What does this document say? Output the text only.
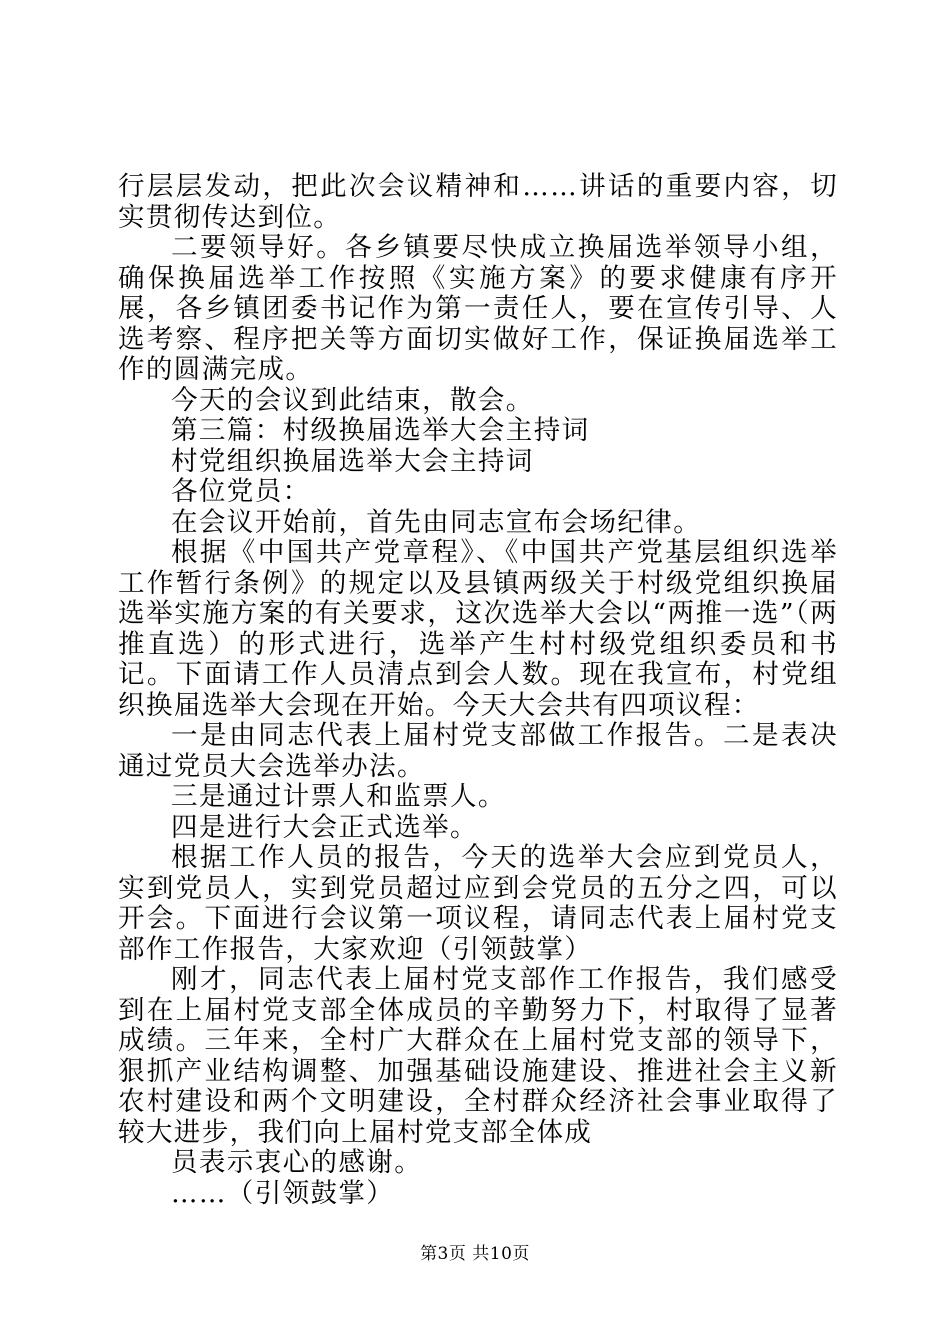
行层层发动，把此次会议精神和……讲话的重要内容，切实贯彻传达到位。

二要领导好。各乡镇要尽快成立换届选举领导小组，确保换届选举工作按照《实施方案》的要求健康有序开展，各乡镇团委书记作为第一责任人，要在宣传引导、人选考察、程序把关等方面切实做好工作，保证换届选举工作的圆满完成。

今天的会议到此结束，散会。

第三篇：村级换届选举大会主持词

村党组织换届选举大会主持词

各位党员：

在会议开始前，首先由同志宣布会场纪律。

根据《中国共产党章程》、《中国共产党基层组织选举工作暂行条例》的规定以及县镇两级关于村级党组织换届选举实施方案的有关要求，这次选举大会以“两推一选”（两推直选）的形式进行，选举产生村村级党组织委员和书记。下面请工作人员清点到会人数。现在我宣布，村党组织换届选举大会现在开始。今天大会共有四项议程：

一是由同志代表上届村党支部做工作报告。二是表决通过党员大会选举办法。

三是通过计票人和监票人。

四是进行大会正式选举。

根据工作人员的报告，今天的选举大会应到党员人，实到党员人，实到党员超过应到会党员的五分之四，可以开会。下面进行会议第一项议程，请同志代表上届村党支部作工作报告，大家欢迎（引领鼓掌）

刚才，同志代表上届村党支部作工作报告，我们感受到在上届村党支部全体成员的辛勤努力下，村取得了显著成绩。三年来，全村广大群众在上届村党支部的领导下，狠抓产业结构调整、加强基础设施建设、推进社会主义新农村建设和两个文明建设，全村群众经济社会事业取得了较大进步，我们向上届村党支部全体成

员表示衷心的感谢。

……（引领鼓掌）

第3页 共10页
